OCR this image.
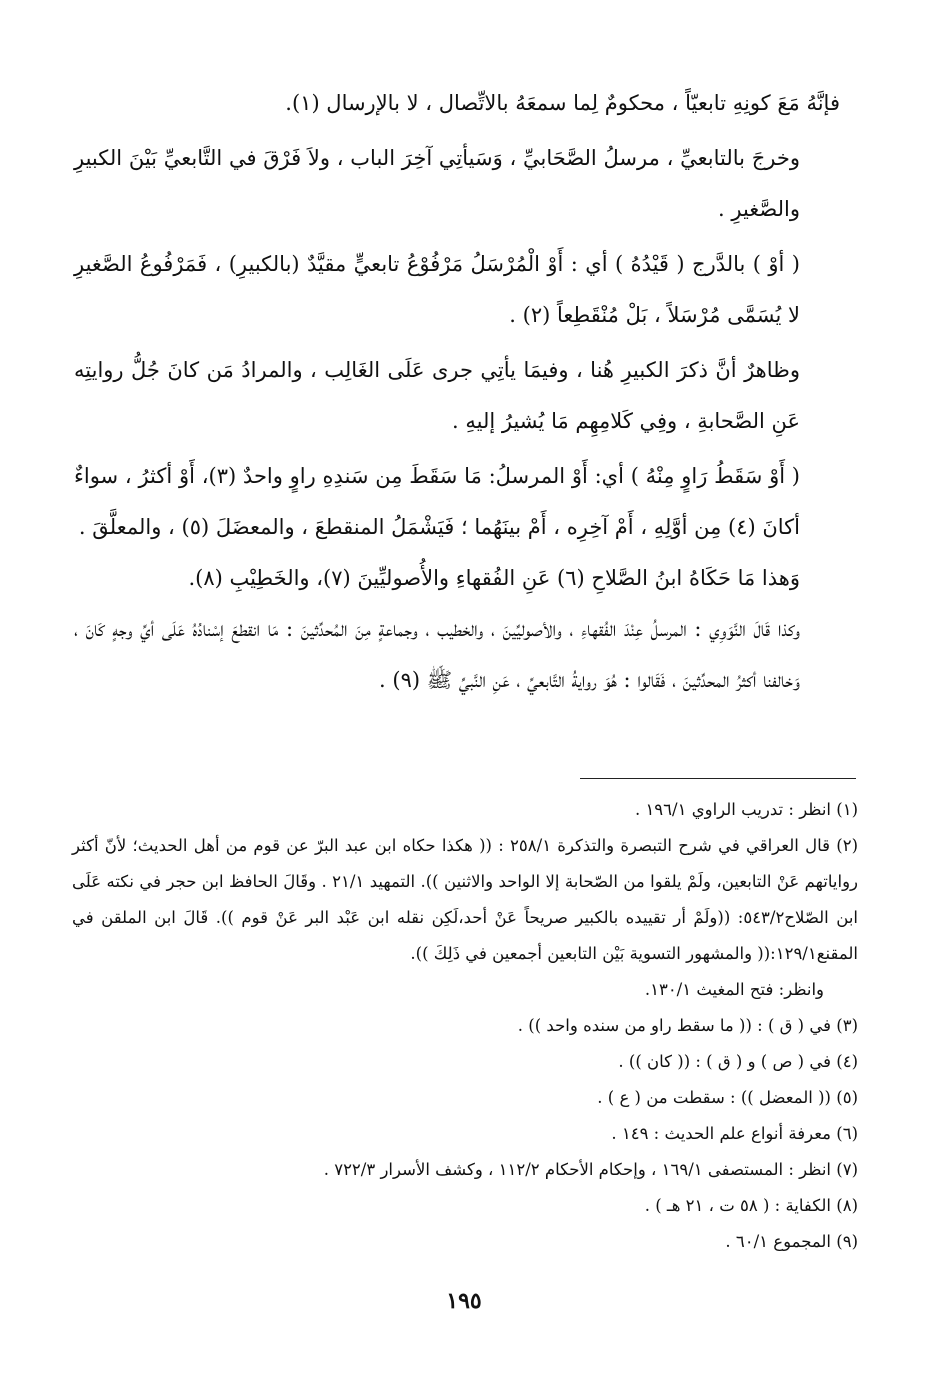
فإنَّهُ مَعَ كونِهِ تابعيّاً ، محكومٌ لِما سمعَهُ بالاتِّصال ، لا بالإرسال (١).

وخرجَ بالتابعيِّ ، مرسلُ الصَّحَابيِّ ، وَسَيأتِي آخِرَ الباب ، ولاَ فَرْقَ في التَّابعيِّ بَيْنَ الكبيرِ والصَّغيرِ .

( أوْ ) بالدَّرج ( قَيْدُهُ ) أي : أَوْ الْمُرْسَلُ مَرْفُوْعُ تابعيٍّ مقيَّدٌ (بالكبيرِ) ، فَمَرْفُوعُ الصَّغيرِ لا يُسَمَّى مُرْسَلاً ، بَلْ مُنْقَطِعاً (٢) .

وظاهرٌ أنَّ ذكرَ الكبيرِ هُنا ، وفيمَا يأتِي جرى عَلَى الغَالِب ، والمرادُ مَن كانَ جُلُّ روايتِه عَنِ الصَّحابةِ ، وفِي كَلامِهِم مَا يُشيرُ إليهِ .

( أَوْ سَقَطُ رَاوٍ مِنْهُ ) أي: أَوْ المرسلُ: مَا سَقَطَ مِن سَندِهِ راوٍ واحدٌ (٣)، أَوْ أكثرُ ، سواءٌ أكانَ (٤) مِن أوَّلِهِ ، أَمْ آخِرِه ، أَمْ بينَهُما ؛ فَيَشْمَلُ المنقطعَ ، والمعضَلَ (٥) ، والمعلَّقَ .

وَهذا مَا حَكَاهُ ابنُ الصَّلاحِ (٦) عَنِ الفُقهاءِ والأُصوليِّينَ (٧)، والخَطِيْبِ (٨).

وكذا قَالَ النَّوَوِي : المرسلُ عِنْدَ الفُقهاءِ ، والأصوليِّينَ ، والخطيب ، وجماعةٍ مِنَ المُحدِّثينَ : مَا انقطعَ إسْنادُهُ عَلَى أيِّ وجهٍ كَانَ ، وَخالفنا أكثرُ المحدِّثينَ ، فَقَالوا : هُوَ روايةُ التَّابعيِّ ، عَنِ النَّبيِّ ﷺ (٩) .

(١) انظر : تدريب الراوي ١٩٦/١ .

(٢) قال العراقي في شرح التبصرة والتذكرة ٢٥٨/١ : (( هكذا حكاه ابن عبد البرّ عن قوم من أهل الحديث؛ لأنّ أكثر رواياتهم عَنْ التابعين، ولَمْ يلقوا من الصّحابة إلا الواحد والاثنين )). التمهيد ٢١/١ . وقَالَ الحافظ ابن حجر في نكته عَلَى ابن الصّلاح٥٤٣/٢: ((ولَمْ أر تقييده بالكبير صريحاً عَنْ أحد،لَكِن نقله ابن عَبْد البر عَنْ قوم )). قَالَ ابن الملقن في المقنع١٢٩/١:(( والمشهور التسوية بَيْن التابعين أجمعين في ذَلِكَ )).

وانظر: فتح المغيث ١٣٠/١.

(٣) في ( ق ) : (( ما سقط راو من سنده واحد )) .

(٤) في ( ص ) و ( ق ) : (( كان )) .

(٥) (( المعضل )) : سقطت من ( ع ) .

(٦) معرفة أنواع علم الحديث : ١٤٩ .

(٧) انظر : المستصفى ١٦٩/١ ، وإحكام الأحكام ١١٢/٢ ، وكشف الأسرار ٧٢٢/٣ .

(٨) الكفاية : ( ٥٨ ت ، ٢١ هـ ) .

(٩) المجموع ٦٠/١ .

١٩٥
